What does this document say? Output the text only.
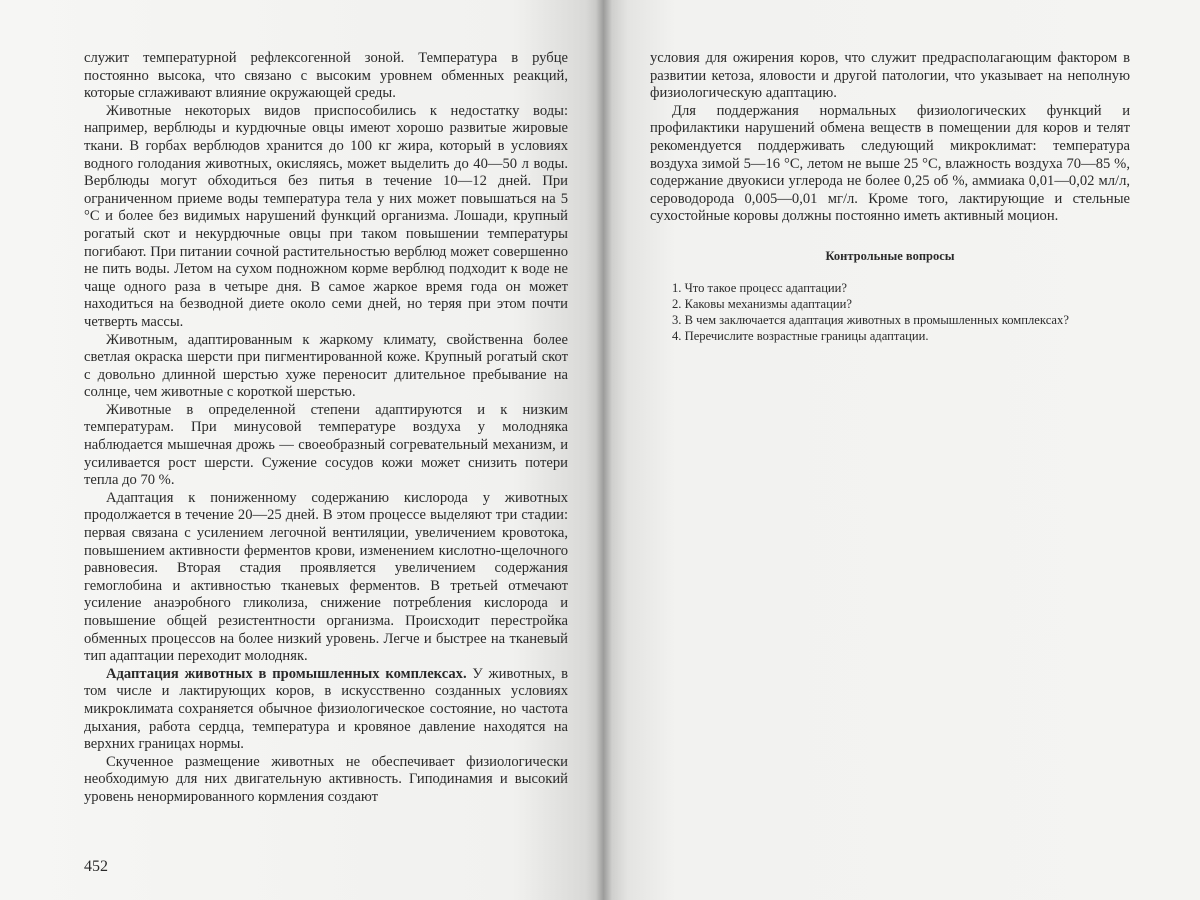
служит температурной рефлексогенной зоной. Температура в рубце постоянно высока, что связано с высоким уровнем обменных реакций, которые сглаживают влияние окружающей среды.

Животные некоторых видов приспособились к недостатку воды: например, верблюды и курдючные овцы имеют хорошо развитые жировые ткани. В горбах верблюдов хранится до 100 кг жира, который в условиях водного голодания животных, окисляясь, может выделить до 40—50 л воды. Верблюды могут обходиться без питья в течение 10—12 дней. При ограниченном приеме воды температура тела у них может повышаться на 5 °С и более без видимых нарушений функций организма. Лошади, крупный рогатый скот и некурдючные овцы при таком повышении температуры погибают. При питании сочной растительностью верблюд может совершенно не пить воды. Летом на сухом подножном корме верблюд подходит к воде не чаще одного раза в четыре дня. В самое жаркое время года он может находиться на безводной диете около семи дней, но теряя при этом почти четверть массы.

Животным, адаптированным к жаркому климату, свойственна более светлая окраска шерсти при пигментированной коже. Крупный рогатый скот с довольно длинной шерстью хуже переносит длительное пребывание на солнце, чем животные с короткой шерстью.

Животные в определенной степени адаптируются и к низким температурам. При минусовой температуре воздуха у молодняка наблюдается мышечная дрожь — своеобразный согревательный механизм, и усиливается рост шерсти. Сужение сосудов кожи может снизить потери тепла до 70 %.

Адаптация к пониженному содержанию кислорода у животных продолжается в течение 20—25 дней. В этом процессе выделяют три стадии: первая связана с усилением легочной вентиляции, увеличением кровотока, повышением активности ферментов крови, изменением кислотно-щелочного равновесия. Вторая стадия проявляется увеличением содержания гемоглобина и активностью тканевых ферментов. В третьей отмечают усиление анаэробного гликолиза, снижение потребления кислорода и повышение общей резистентности организма. Происходит перестройка обменных процессов на более низкий уровень. Легче и быстрее на тканевый тип адаптации переходит молодняк.

Адаптация животных в промышленных комплексах. У животных, в том числе и лактирующих коров, в искусственно созданных условиях микроклимата сохраняется обычное физиологическое состояние, но частота дыхания, работа сердца, температура и кровяное давление находятся на верхних границах нормы.

Скученное размещение животных не обеспечивает физиологически необходимую для них двигательную активность. Гиподинамия и высокий уровень ненормированного кормления создают

452

условия для ожирения коров, что служит предрасполагающим фактором в развитии кетоза, яловости и другой патологии, что указывает на неполную физиологическую адаптацию.

Для поддержания нормальных физиологических функций и профилактики нарушений обмена веществ в помещении для коров и телят рекомендуется поддерживать следующий микроклимат: температура воздуха зимой 5—16 °С, летом не выше 25 °С, влажность воздуха 70—85 %, содержание двуокиси углерода не более 0,25 об %, аммиака 0,01—0,02 мл/л, сероводорода 0,005—0,01 мг/л. Кроме того, лактирующие и стельные сухостойные коровы должны постоянно иметь активный моцион.

Контрольные вопросы
1. Что такое процесс адаптации?
2. Каковы механизмы адаптации?
3. В чем заключается адаптация животных в промышленных комплексах?
4. Перечислите возрастные границы адаптации.
